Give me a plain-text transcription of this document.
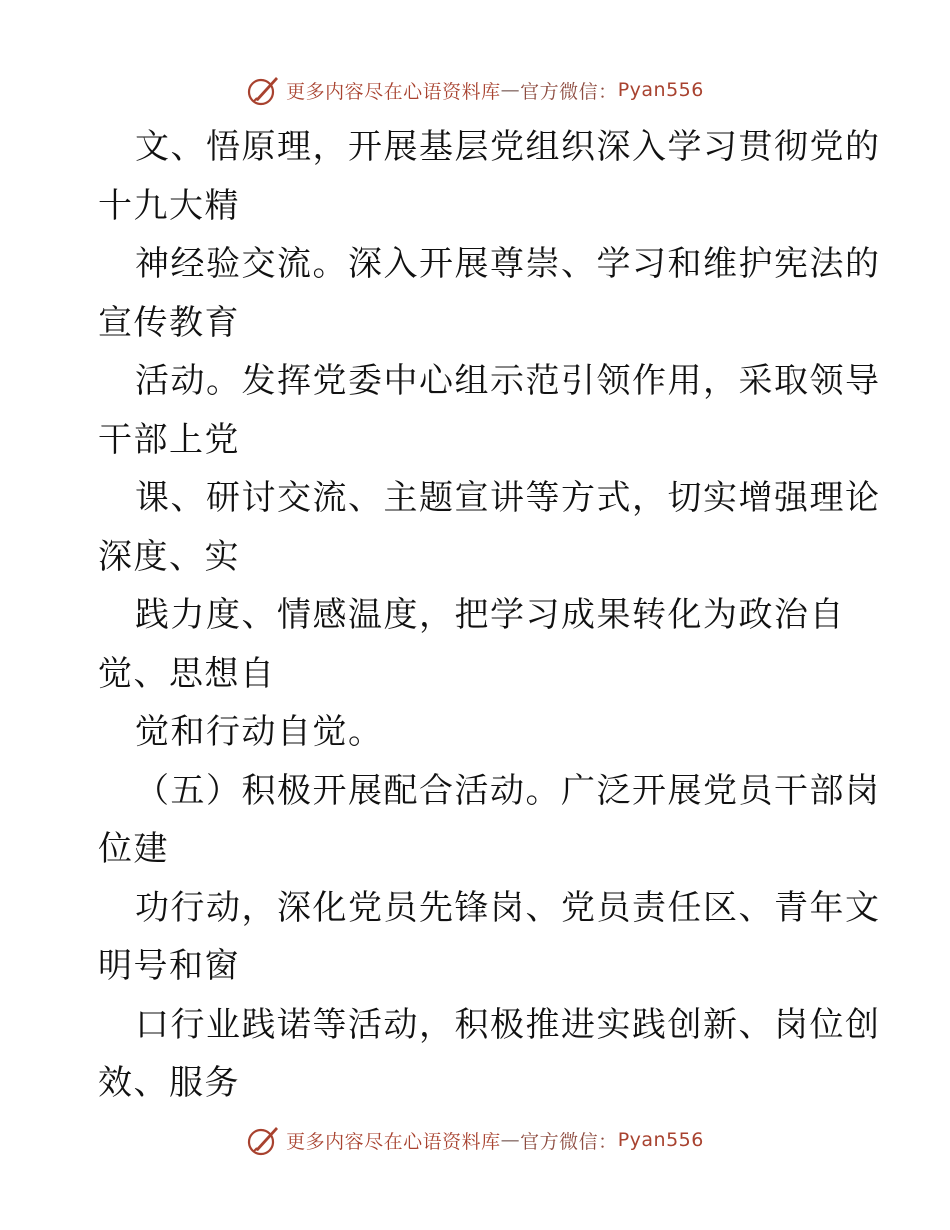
更多内容尽在心语资料库 — 官方微信： Pyan556
文、悟原理，开展基层党组织深入学习贯彻党的
十九大精
神经验交流。深入开展尊崇、学习和维护宪法的
宣传教育
活动。发挥党委中心组示范引领作用，采取领导
干部上党
课、研讨交流、主题宣讲等方式，切实增强理论
深度、实
践力度、情感温度，把学习成果转化为政治自
觉、思想自
觉和行动自觉。
（五）积极开展配合活动。广泛开展党员干部岗
位建
功行动，深化党员先锋岗、党员责任区、青年文
明号和窗
口行业践诺等活动，积极推进实践创新、岗位创
效、服务
更多内容尽在心语资料库 — 官方微信： Pyan556
